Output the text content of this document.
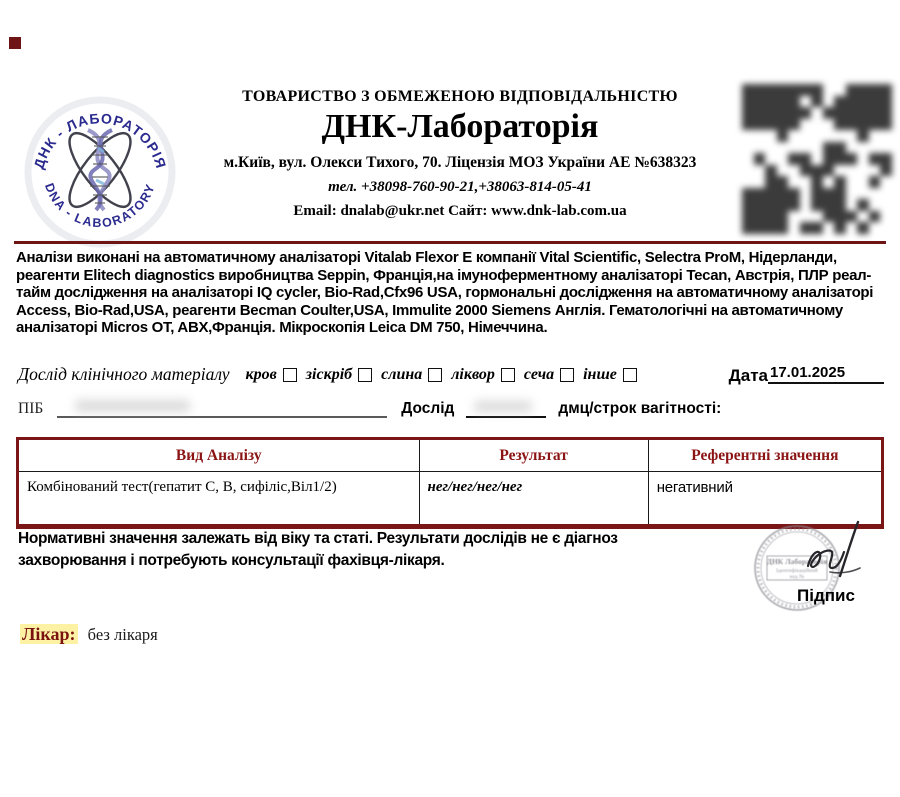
ДНК - ЛАБОРАТОРІЯ
DNA - LABORATORY
ТОВАРИСТВО З ОБМЕЖЕНОЮ ВІДПОВІДАЛЬНІСТЮ
ДНК-Лабораторія
м.Київ, вул. Олекси Тихого, 70. Ліцензія МОЗ України АЕ №638323
тел. +38098-760-90-21,+38063-814-05-41
Email: dnalab@ukr.net Сайт: www.dnk-lab.com.ua
Аналізи виконані на автоматичному аналізаторі Vitalab Flexor E компанії Vital Scientific, Selectra ProM, Нідерланди, реагенти Elitech diagnostics виробництва Seppin, Франція,на імуноферментному аналізаторі Tecan, Австрія, ПЛР реал-тайм дослідження на аналізаторі IQ cycler, Bio-Rad,Cfx96 USA, гормональні дослідження на автоматичному аналізаторі Access, Bio-Rad,USA, реагенти Becman Coulter,USA, Immulite 2000 Siemens Англія. Гематологічні на автоматичному аналізаторі Micros OT, ABX,Франція. Мікроскопія Leica DM 750, Німеччина.
Дослід клінічного матеріалу кров зіскріб слина ліквор сеча інше	Дата 17.01.2025
ПІБ	Дослід	дмц/строк вагітності:
Вид Аналізу	Результат	Референтні значення
Комбінований тест(гепатит С, В, сифіліс,Віл1/2)	нег/нег/нег/нег	негативний
Нормативні значення залежать від віку та статі. Результати дослідів не є діагноз захворювання і потребують консультації фахівця-лікаря.	ДНК Лабораторія
Ідентифікаційний
код №
Підпис
Лікар: без лікаря
